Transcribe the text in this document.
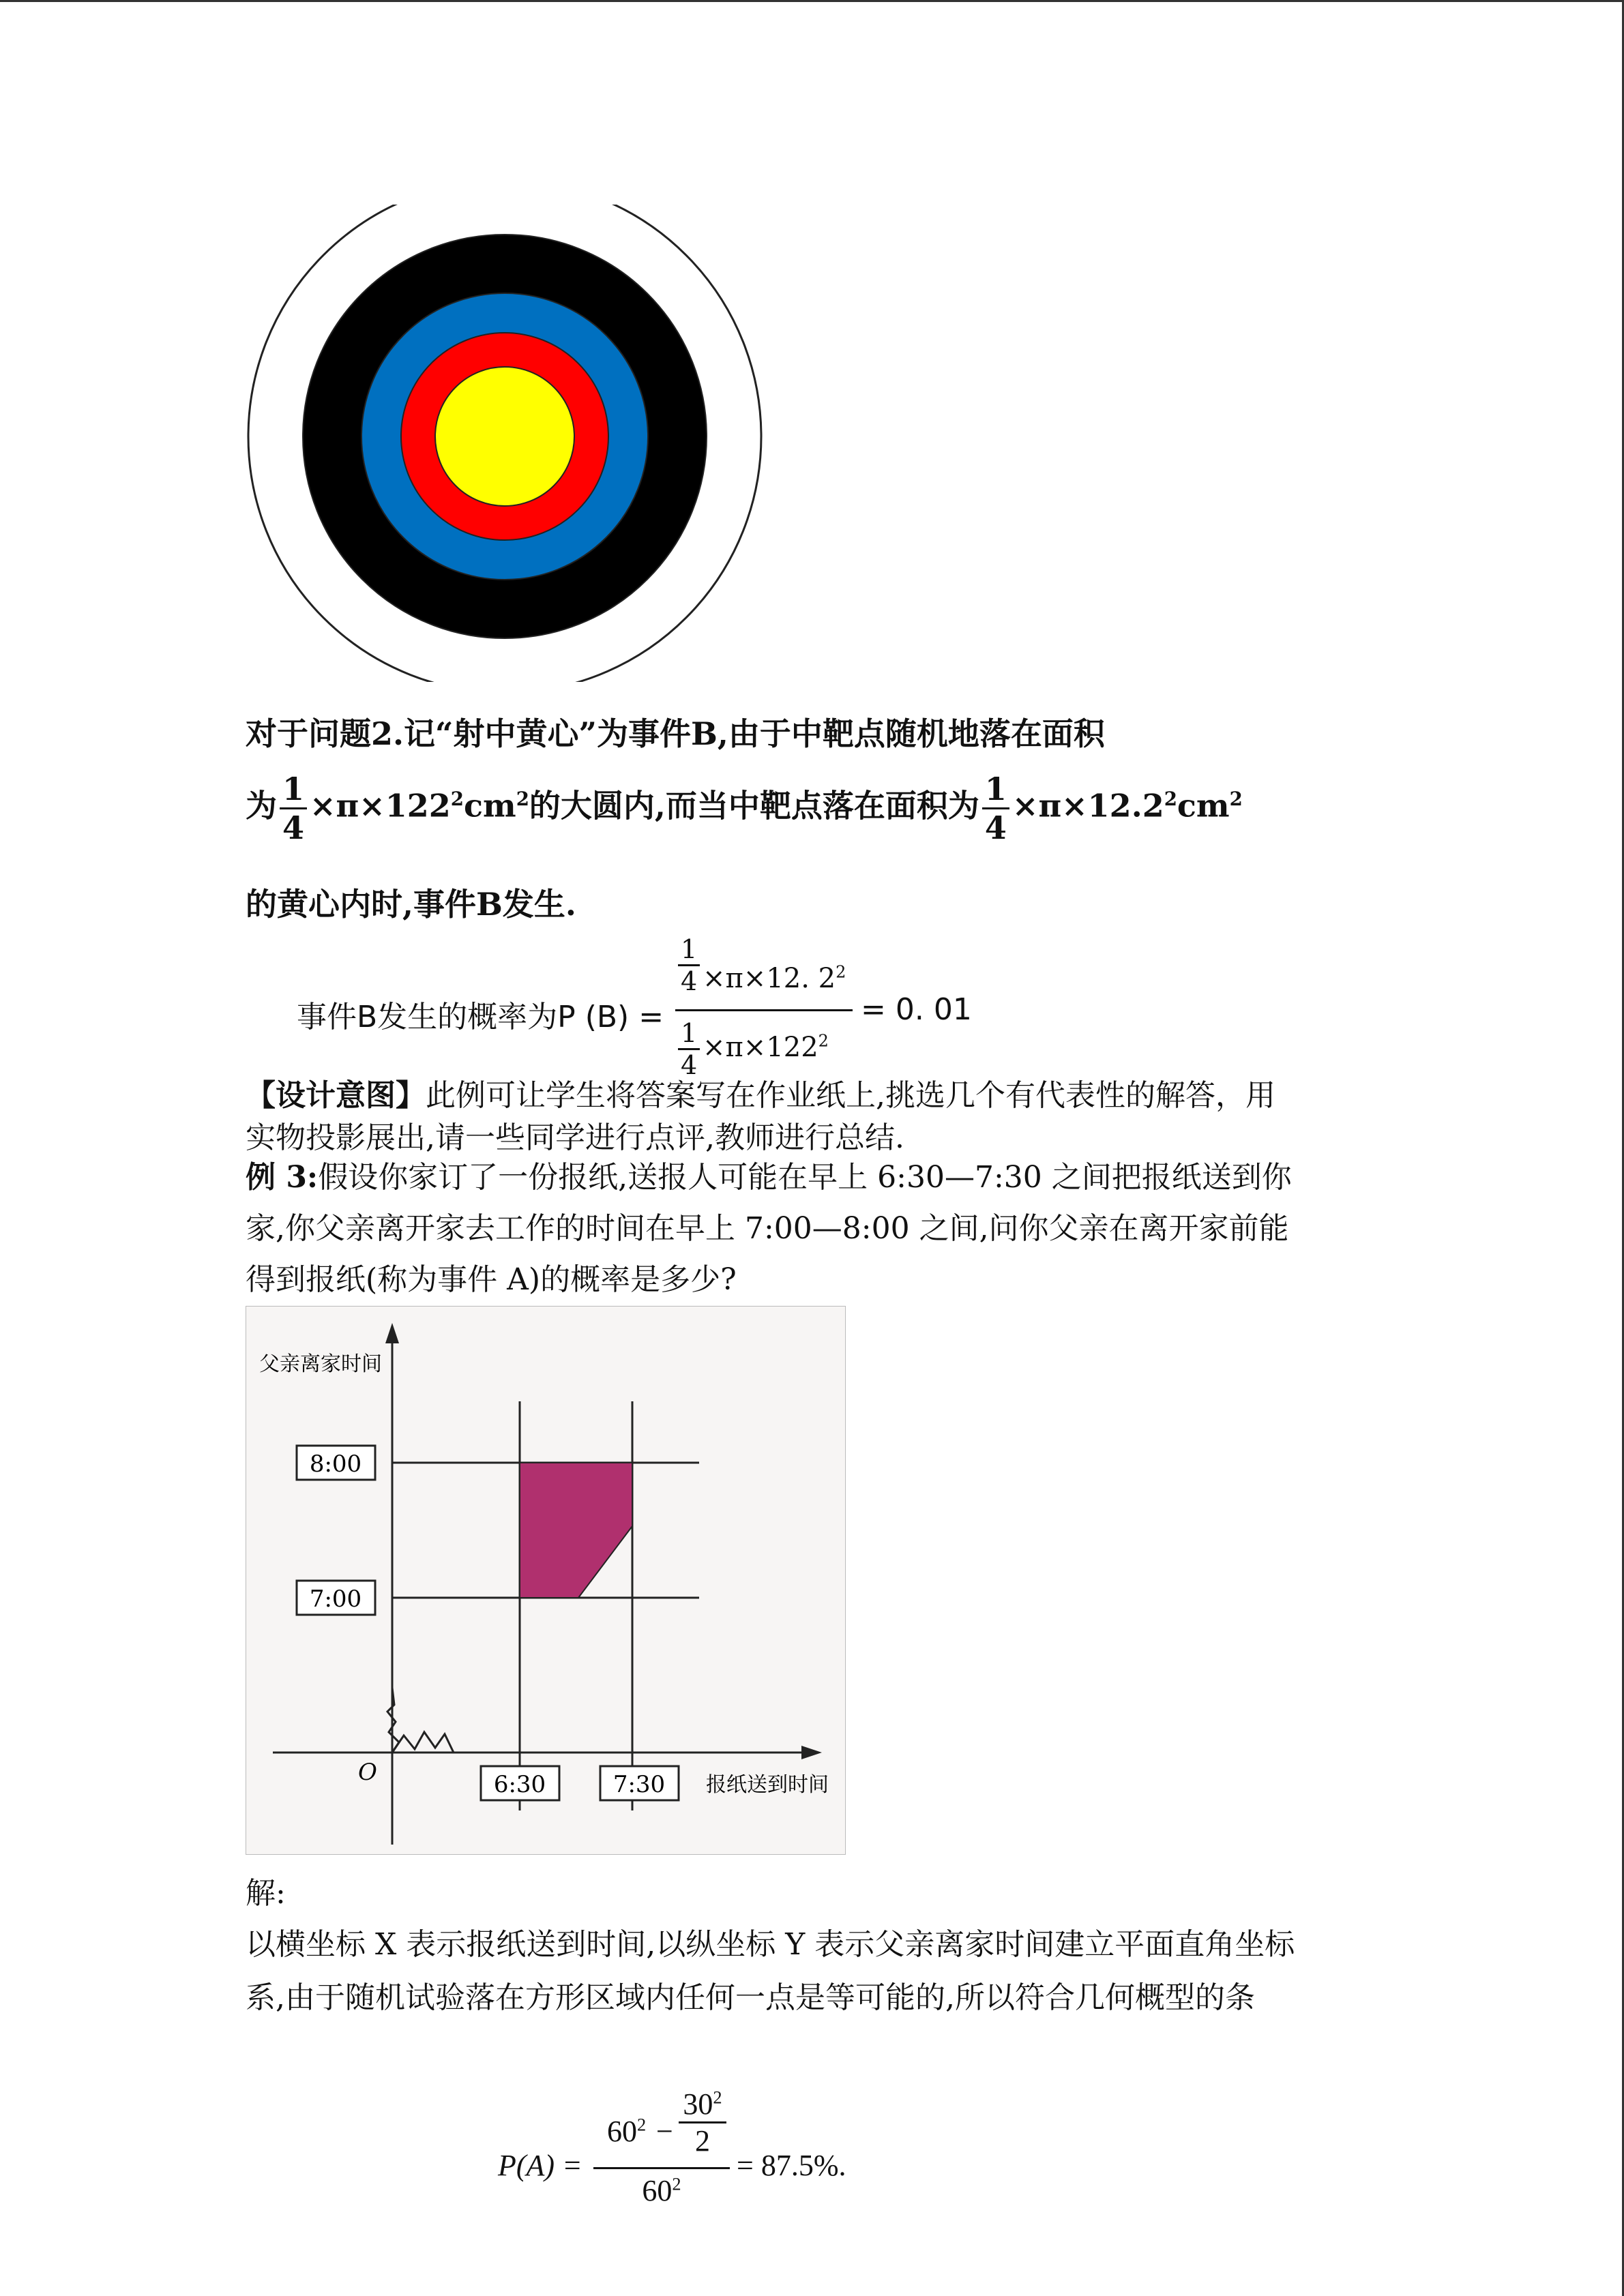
对于问题2.记“射中黄心”为事件B,由于中靶点随机地落在面积
为 $\frac{1}{4} \times\pi\times 122^2cm^2$的大圆内,而当中靶点落在面积为 $\frac{1}{4} \times\pi\times 12.2^2cm^2$
的黄心内时,事件B发生.
事件B发生的概率为P (B) =
$\frac{1}{4} \times\pi\times 12$. $2^2$
$\frac{1}{4} \times\pi\times 122^2$
= 0. 01
【设计意图】此例可让学生将答案写在作业纸上,挑选几个有代表性的解答，用
实物投影展出,请一些同学进行点评,教师进行总结.
例 3:假设你家订了一份报纸,送报人可能在早上 6:30—7:30 之间把报纸送到你
家,你父亲离开家去工作的时间在早上 7:00—8:00 之间,问你父亲在离开家前能
得到报纸(称为事件 A)的概率是多少?
8:00
7:00
6:30	7:30
父亲离家时间
报纸送到时间
O
解:
以横坐标 X 表示报纸送到时间,以纵坐标 Y 表示父亲离家时间建立平面直角坐标
系,由于随机试验落在方形区域内任何一点是等可能的,所以符合几何概型的条
P(A) =
$60^2 - \frac{30^2}{2}$
$60^2$
= 87.5%.
